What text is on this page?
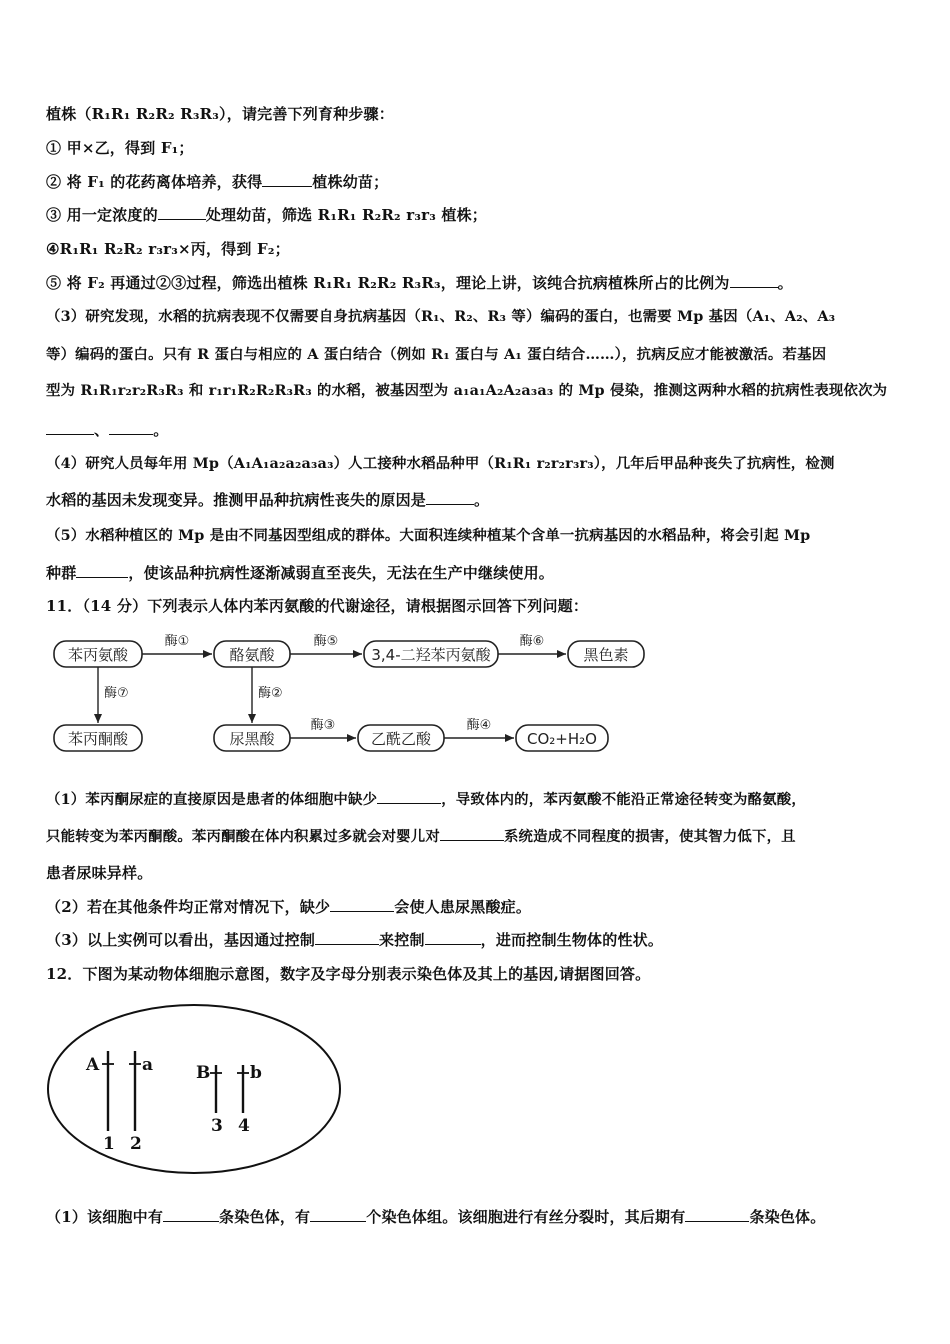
植株（R₁R₁ R₂R₂ R₃R₃），请完善下列育种步骤：
① 甲×乙，得到 F₁；
② 将 F₁ 的花药离体培养，获得	植株幼苗；
③ 用一定浓度的	处理幼苗，筛选 R₁R₁ R₂R₂ r₃r₃ 植株；
④R₁R₁ R₂R₂ r₃r₃×丙，得到 F₂；
⑤ 将 F₂ 再通过②③过程，筛选出植株 R₁R₁ R₂R₂ R₃R₃，理论上讲，该纯合抗病植株所占的比例为	。
（3）研究发现，水稻的抗病表现不仅需要自身抗病基因（R₁、R₂、R₃ 等）编码的蛋白，也需要 Mp 基因（A₁、A₂、A₃
等）编码的蛋白。只有 R 蛋白与相应的 A 蛋白结合（例如 R₁ 蛋白与 A₁ 蛋白结合……），抗病反应才能被激活。若基因
型为 R₁R₁r₂r₂R₃R₃ 和 r₁r₁R₂R₂R₃R₃ 的水稻，被基因型为 a₁a₁A₂A₂a₃a₃ 的 Mp 侵染，推测这两种水稻的抗病性表现依次为
、	。
（4）研究人员每年用 Mp（A₁A₁a₂a₂a₃a₃）人工接种水稻品种甲（R₁R₁ r₂r₂r₃r₃），几年后甲品种丧失了抗病性，检测
水稻的基因未发现变异。推测甲品种抗病性丧失的原因是	。
（5）水稻种植区的 Mp 是由不同基因型组成的群体。大面积连续种植某个含单一抗病基因的水稻品种，将会引起 Mp
种群	，使该品种抗病性逐渐减弱直至丧失，无法在生产中继续使用。
11．（14 分）下列表示人体内苯丙氨酸的代谢途径，请根据图示回答下列问题：
苯丙氨酸	酪氨酸	3,4-二羟苯丙氨酸	黑色素
苯丙酮酸	尿黑酸	乙酰乙酸	CO₂+H₂O
酶①	酶⑤	酶⑥
酶⑦	酶②
酶③	酶④
（1）苯丙酮尿症的直接原因是患者的体细胞中缺少	，导致体内的，苯丙氨酸不能沿正常途径转变为酪氨酸，
只能转变为苯丙酮酸。苯丙酮酸在体内积累过多就会对婴儿对	系统造成不同程度的损害，使其智力低下，且
患者尿味异样。
（2）若在其他条件均正常对情况下，缺少	会使人患尿黑酸症。
（3）以上实例可以看出，基因通过控制	来控制	，进而控制生物体的性状。
12．下图为某动物体细胞示意图，数字及字母分别表示染色体及其上的基因,请据图回答。
A	a	B b
1 2
3 4
（1）该细胞中有	条染色体，有	个染色体组。该细胞进行有丝分裂时，其后期有	条染色体。
